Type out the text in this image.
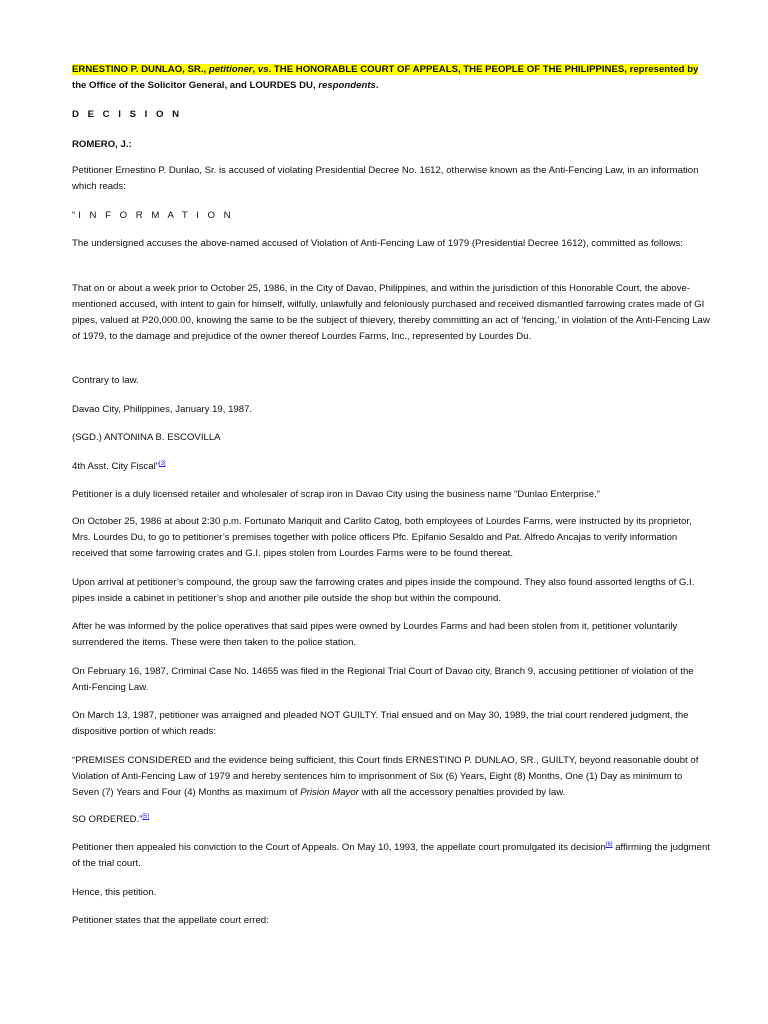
ERNESTINO P. DUNLAO, SR., petitioner, vs. THE HONORABLE COURT OF APPEALS, THE PEOPLE OF THE PHILIPPINES, represented by the Office of the Solicitor General, and LOURDES DU, respondents.

D E C I S I O N

ROMERO, J.:

Petitioner Ernestino P. Dunlao, Sr. is accused of violating Presidential Decree No. 1612, otherwise known as the Anti-Fencing Law, in an information which reads:

“I N F O R M A T I O N

The undersigned accuses the above-named accused of Violation of Anti-Fencing Law of 1979 (Presidential Decree 1612), committed as follows:

That on or about a week prior to October 25, 1986, in the City of Davao, Philippines, and within the jurisdiction of this Honorable Court, the above-mentioned accused, with intent to gain for himself, wilfully, unlawfully and feloniously purchased and received dismantled farrowing crates made of GI pipes, valued at P20,000.00, knowing the same to be the subject of thievery, thereby committing an act of ‘fencing,’ in violation of the Anti-Fencing Law of 1979, to the damage and prejudice of the owner thereof Lourdes Farms, Inc., represented by Lourdes Du.

Contrary to law.

Davao City, Philippines, January 19, 1987.

(SGD.) ANTONINA B. ESCOVILLA

4th Asst. City Fiscal”[3]

Petitioner is a duly licensed retailer and wholesaler of scrap iron in Davao City using the business name “Dunlao Enterprise.”

On October 25, 1986 at about 2:30 p.m. Fortunato Mariquit and Carlito Catog, both employees of Lourdes Farms, were instructed by its proprietor, Mrs. Lourdes Du, to go to petitioner’s premises together with police officers Pfc. Epifanio Sesaldo and Pat. Alfredo Ancajas to verify information received that some farrowing crates and G.I. pipes stolen from Lourdes Farms were to be found thereat.

Upon arrival at petitioner’s compound, the group saw the farrowing crates and pipes inside the compound. They also found assorted lengths of G.I. pipes inside a cabinet in petitioner’s shop and another pile outside the shop but within the compound.

After he was informed by the police operatives that said pipes were owned by Lourdes Farms and had been stolen from it, petitioner voluntarily surrendered the items. These were then taken to the police station.

On February 16, 1987, Criminal Case No. 14655 was filed in the Regional Trial Court of Davao city, Branch 9, accusing petitioner of violation of the Anti-Fencing Law.

On March 13, 1987, petitioner was arraigned and pleaded NOT GUILTY. Trial ensued and on May 30, 1989, the trial court rendered judgment, the dispositive portion of which reads:

“PREMISES CONSIDERED and the evidence being sufficient, this Court finds ERNESTINO P. DUNLAO, SR., GUILTY, beyond reasonable doubt of Violation of Anti-Fencing Law of 1979 and hereby sentences him to imprisonment of Six (6) Years, Eight (8) Months, One (1) Day as minimum to Seven (7) Years and Four (4) Months as maximum of Prision Mayor with all the accessory penalties provided by law.

SO ORDERED.”[5]

Petitioner then appealed his conviction to the Court of Appeals. On May 10, 1993, the appellate court promulgated its decision[6] affirming the judgment of the trial court.

Hence, this petition.

Petitioner states that the appellate court erred:
